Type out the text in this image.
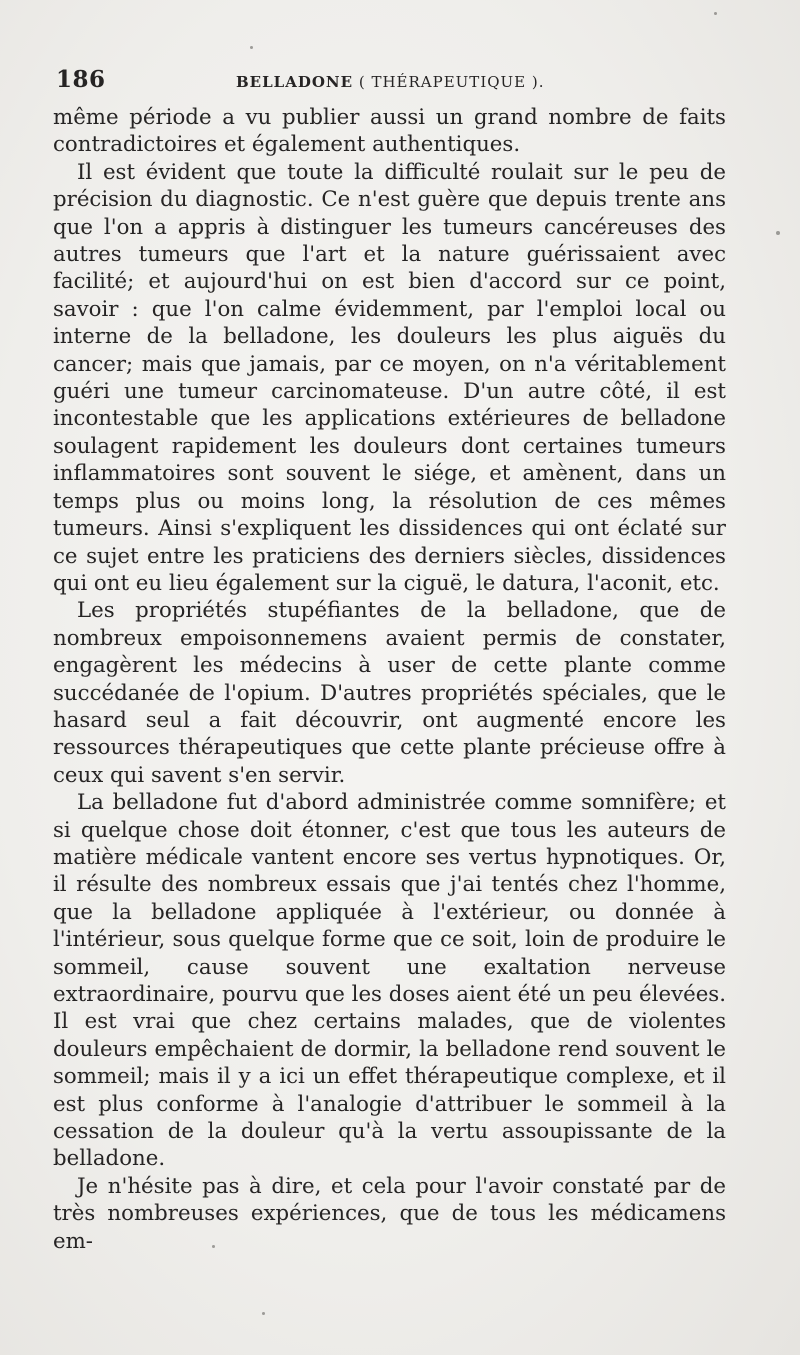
186	BELLADONE ( THÉRAPEUTIQUE ).

même période a vu publier aussi un grand nombre de faits contradictoires et également authentiques.

Il est évident que toute la difficulté roulait sur le peu de précision du diagnostic. Ce n'est guère que depuis trente ans que l'on a appris à distinguer les tumeurs cancéreuses des autres tumeurs que l'art et la nature guérissaient avec facilité; et aujourd'hui on est bien d'accord sur ce point, savoir : que l'on calme évidemment, par l'emploi local ou interne de la belladone, les douleurs les plus aiguës du cancer; mais que jamais, par ce moyen, on n'a véritablement guéri une tumeur carcinomateuse. D'un autre côté, il est incontestable que les applications extérieures de belladone soulagent rapidement les douleurs dont certaines tumeurs inflammatoires sont souvent le siége, et amènent, dans un temps plus ou moins long, la résolution de ces mêmes tumeurs. Ainsi s'expliquent les dissidences qui ont éclaté sur ce sujet entre les praticiens des derniers siècles, dissidences qui ont eu lieu également sur la ciguë, le datura, l'aconit, etc.

Les propriétés stupéfiantes de la belladone, que de nombreux empoisonnemens avaient permis de constater, engagèrent les médecins à user de cette plante comme succédanée de l'opium. D'autres propriétés spéciales, que le hasard seul a fait découvrir, ont augmenté encore les ressources thérapeutiques que cette plante précieuse offre à ceux qui savent s'en servir.

La belladone fut d'abord administrée comme somnifère; et si quelque chose doit étonner, c'est que tous les auteurs de matière médicale vantent encore ses vertus hypnotiques. Or, il résulte des nombreux essais que j'ai tentés chez l'homme, que la belladone appliquée à l'extérieur, ou donnée à l'intérieur, sous quelque forme que ce soit, loin de produire le sommeil, cause souvent une exaltation nerveuse extraordinaire, pourvu que les doses aient été un peu élevées. Il est vrai que chez certains malades, que de violentes douleurs empêchaient de dormir, la belladone rend souvent le sommeil; mais il y a ici un effet thérapeutique complexe, et il est plus conforme à l'analogie d'attribuer le sommeil à la cessation de la douleur qu'à la vertu assoupissante de la belladone.

Je n'hésite pas à dire, et cela pour l'avoir constaté par de très nombreuses expériences, que de tous les médicamens em-
